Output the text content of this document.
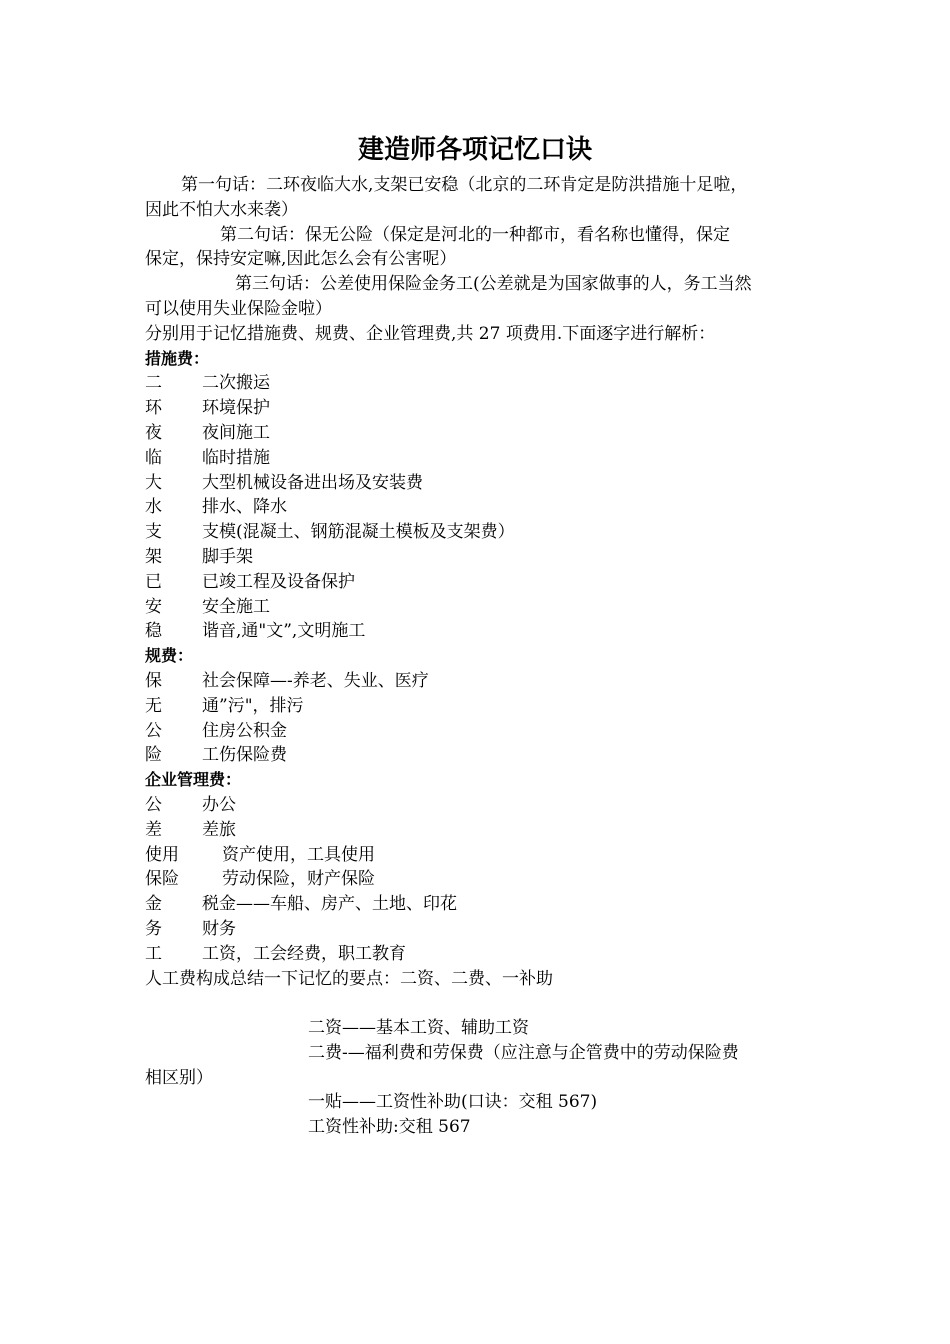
建造师各项记忆口诀
第一句话：二环夜临大水,支架已安稳（北京的二环肯定是防洪措施十足啦，
因此不怕大水来袭）
第二句话：保无公险（保定是河北的一种都市，看名称也懂得，保定
保定，保持安定嘛,因此怎么会有公害呢）
第三句话：公差使用保险金务工(公差就是为国家做事的人，务工当然
可以使用失业保险金啦）
分别用于记忆措施费、规费、企业管理费,共 27 项费用.下面逐字进行解析：
措施费：
二	二次搬运
环	环境保护
夜	夜间施工
临	临时措施
大	大型机械设备进出场及安装费
水	排水、降水
支	支模(混凝土、钢筋混凝土模板及支架费）
架	脚手架
已	已竣工程及设备保护
安	安全施工
稳	谐音,通"文”,文明施工
规费：
保	社会保障—-养老、失业、医疗
无	通”污"，排污
公	住房公积金
险	工伤保险费
企业管理费：
公	办公
差	差旅
使用	资产使用，工具使用
保险	劳动保险，财产保险
金	税金——车船、房产、土地、印花
务	财务
工	工资，工会经费，职工教育
人工费构成总结一下记忆的要点：二资、二费、一补助
二资——基本工资、辅助工资
二费-—福利费和劳保费（应注意与企管费中的劳动保险费
相区别）
一贴——工资性补助(口诀：交租 567)
工资性补助:交租 567
